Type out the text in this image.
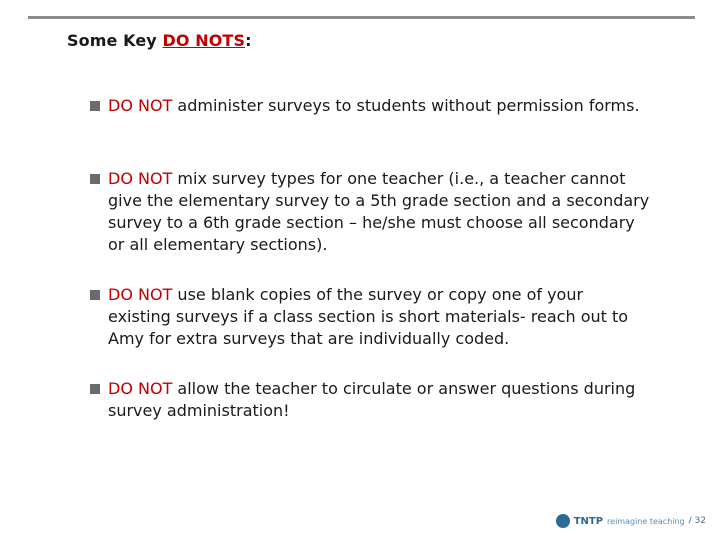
Some Key DO NOTS:
DO NOT administer surveys to students without permission forms.
DO NOT mix survey types for one teacher (i.e., a teacher cannot give the elementary survey to a 5th grade section and a secondary survey to a 6th grade section – he/she must choose all secondary or all elementary sections).
DO NOT use blank copies of the survey or copy one of your existing surveys if a class section is short materials- reach out to Amy for extra surveys that are individually coded.
DO NOT allow the teacher to circulate or answer questions during survey administration!
TNTP reimagine teaching / 32
